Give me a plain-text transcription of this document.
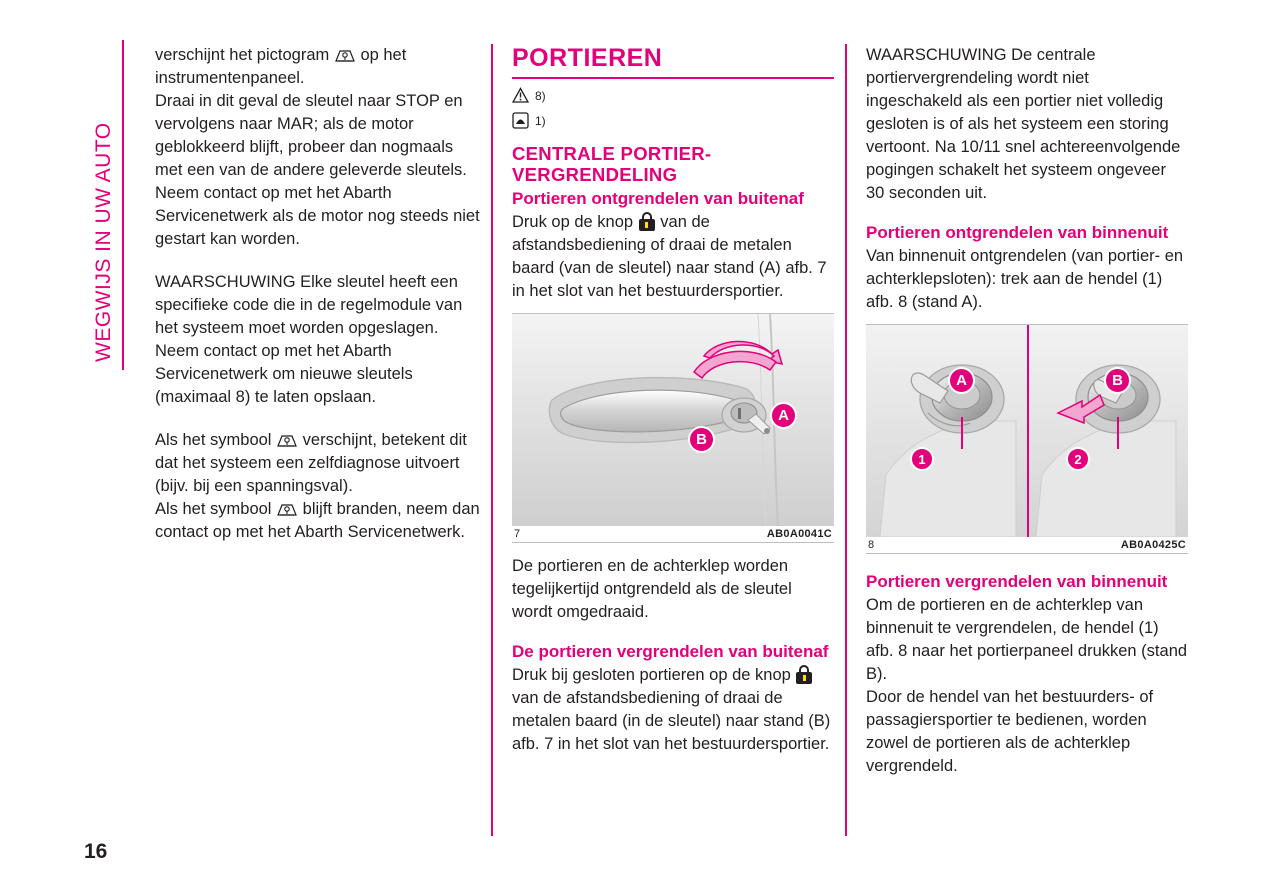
WEGWIJS IN UW AUTO

verschijnt het pictogram op het instrumentenpaneel.

Draai in dit geval de sleutel naar STOP en vervolgens naar MAR; als de motor geblokkeerd blijft, probeer dan nogmaals met een van de andere geleverde sleutels. Neem contact op met het Abarth Servicenetwerk als de motor nog steeds niet gestart kan worden.

WAARSCHUWING Elke sleutel heeft een specifieke code die in de regelmodule van het systeem moet worden opgeslagen. Neem contact op met het Abarth Servicenetwerk om nieuwe sleutels (maximaal 8) te laten opslaan.

Als het symbool verschijnt, betekent dit dat het systeem een zelfdiagnose uitvoert (bijv. bij een spanningsval).

Als het symbool blijft branden, neem dan contact op met het Abarth Servicenetwerk.

PORTIEREN
8)
1)
CENTRALE PORTIER-VERGRENDELING
Portieren ontgrendelen van buitenaf

Druk op de knop van de afstandsbediening of draai de metalen baard (van de sleutel) naar stand (A) afb. 7 in het slot van het bestuurdersportier.

B
A
7	AB0A0041C

De portieren en de achterklep worden tegelijkertijd ontgrendeld als de sleutel wordt omgedraaid.

De portieren vergrendelen van buitenaf

Druk bij gesloten portieren op de knop
van de afstandsbediening of draai de metalen baard (in de sleutel) naar stand (B) afb. 7 in het slot van het bestuurdersportier.

WAARSCHUWING De centrale portiervergrendeling wordt niet ingeschakeld als een portier niet volledig gesloten is of als het systeem een storing vertoont. Na 10/11 snel achtereenvolgende pogingen schakelt het systeem ongeveer 30 seconden uit.

Portieren ontgrendelen van binnenuit

Van binnenuit ontgrendelen (van portier- en achterklepsloten): trek aan de hendel (1) afb. 8 (stand A).

A	B
1	2
8	AB0A0425C
Portieren vergrendelen van binnenuit

Om de portieren en de achterklep van binnenuit te vergrendelen, de hendel (1) afb. 8 naar het portierpaneel drukken (stand B).

Door de hendel van het bestuurders- of passagiersportier te bedienen, worden zowel de portieren als de achterklep vergrendeld.

16
